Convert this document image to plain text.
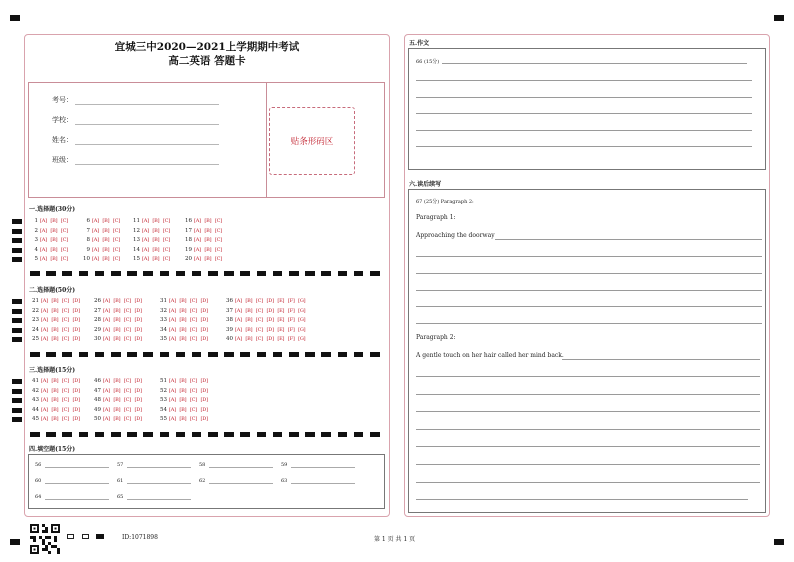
宜城三中2020—2021上学期期中考试
高二英语 答题卡
考号：
学校：
姓名：
班级：
贴条形码区
一.选择题(30分)
1 [A] [B] [C]	6 [A] [B] [C]	11 [A] [B] [C]	16 [A] [B] [C]
2 [A] [B] [C]	7 [A] [B] [C]	12 [A] [B] [C]	17 [A] [B] [C]
3 [A] [B] [C]	8 [A] [B] [C]	13 [A] [B] [C]	18 [A] [B] [C]
4 [A] [B] [C]	9 [A] [B] [C]	14 [A] [B] [C]	19 [A] [B] [C]
5 [A] [B] [C]	10 [A] [B] [C]	15 [A] [B] [C]	20 [A] [B] [C]
二.选择题(50分)
21 [A] [B] [C] [D]	26 [A] [B] [C] [D]	31 [A] [B] [C] [D]	36 [A] [B] [C] [D] [E] [F] [G]
22 [A] [B] [C] [D]	27 [A] [B] [C] [D]	32 [A] [B] [C] [D]	37 [A] [B] [C] [D] [E] [F] [G]
23 [A] [B] [C] [D]	28 [A] [B] [C] [D]	33 [A] [B] [C] [D]	38 [A] [B] [C] [D] [E] [F] [G]
24 [A] [B] [C] [D]	29 [A] [B] [C] [D]	34 [A] [B] [C] [D]	39 [A] [B] [C] [D] [E] [F] [G]
25 [A] [B] [C] [D]	30 [A] [B] [C] [D]	35 [A] [B] [C] [D]	40 [A] [B] [C] [D] [E] [F] [G]
三.选择题(15分)
41 [A] [B] [C] [D]	46 [A] [B] [C] [D]	51 [A] [B] [C] [D]
42 [A] [B] [C] [D]	47 [A] [B] [C] [D]	52 [A] [B] [C] [D]
43 [A] [B] [C] [D]	48 [A] [B] [C] [D]	53 [A] [B] [C] [D]
44 [A] [B] [C] [D]	49 [A] [B] [C] [D]	54 [A] [B] [C] [D]
45 [A] [B] [C] [D]	50 [A] [B] [C] [D]	55 [A] [B] [C] [D]
四.填空题(15分)
56	57	58	59
60	61	62	63
64	65
五.作文
66 (15分)
六.读后续写
67 (25分) Paragraph 2:
Paragraph 1:
Approaching the doorway
Paragraph 2:
A gentle touch on her hair called her mind back.
ID:1071898	第 1 页 共 1 页
